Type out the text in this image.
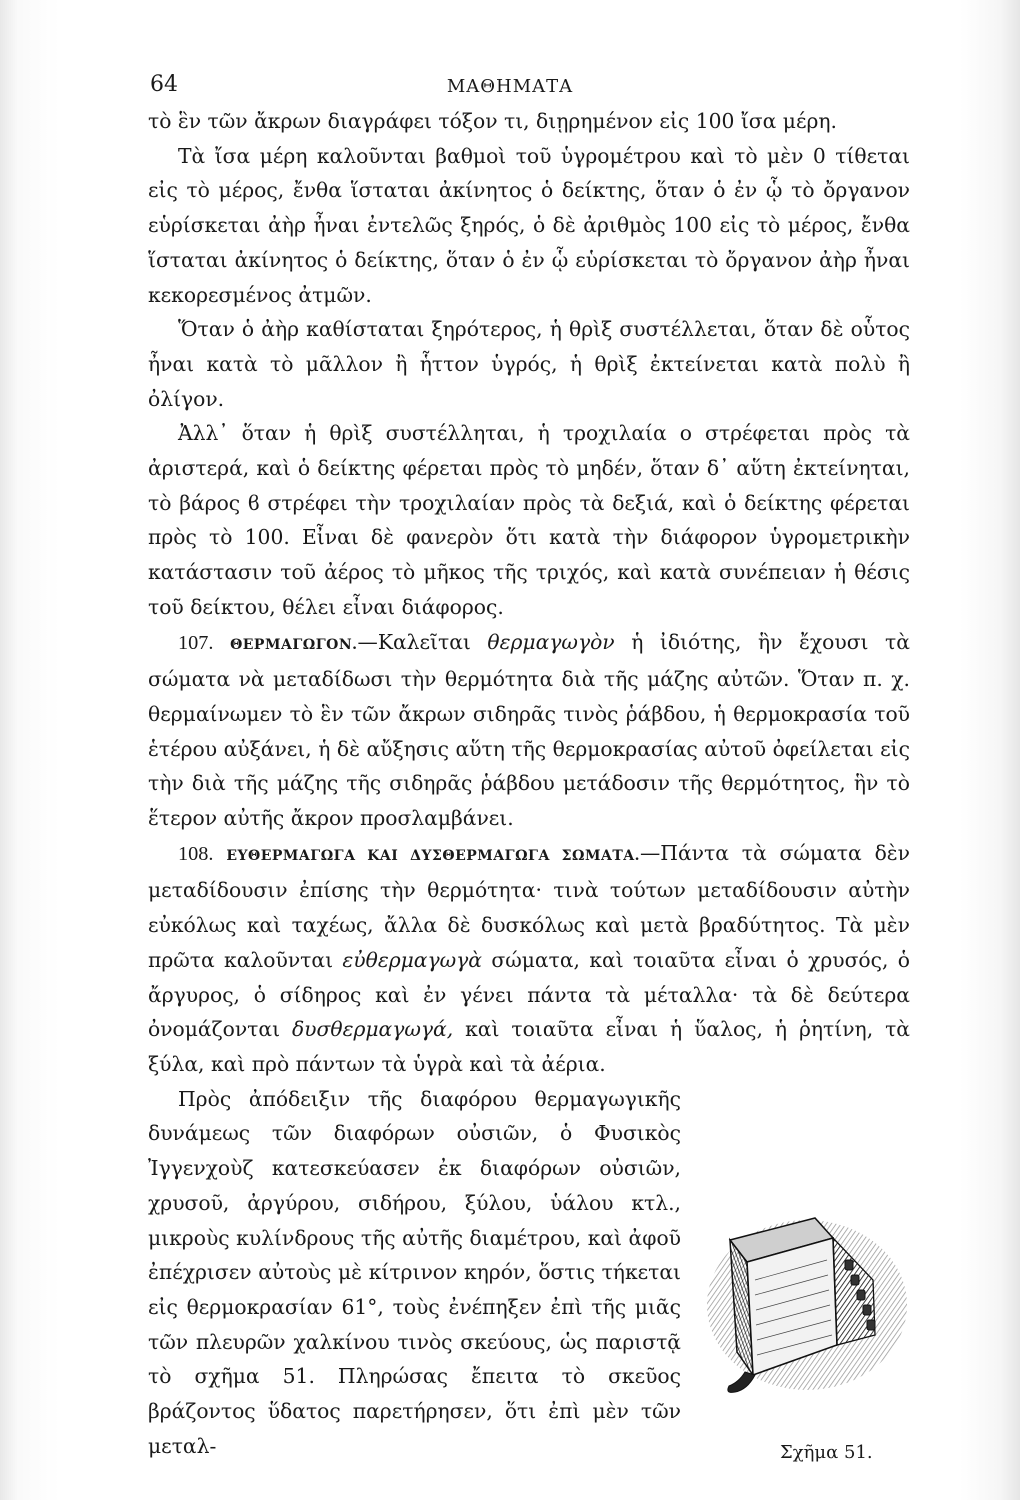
64	ΜΑΘΗΜΑΤΑ

τὸ ἓν τῶν ἄκρων διαγράφει τόξον τι, διῃρημένον εἰς 100 ἴσα μέρη.

Τὰ ἴσα μέρη καλοῦνται βαθμοὶ τοῦ ὑγρομέτρου καὶ τὸ μὲν 0 τίθεται εἰς τὸ μέρος, ἔνθα ἵσταται ἀκίνητος ὁ δείκτης, ὅταν ὁ ἐν ᾧ τὸ ὄργανον εὑρίσκεται ἀὴρ ἦναι ἐντελῶς ξηρός, ὁ δὲ ἀριθμὸς 100 εἰς τὸ μέρος, ἔνθα ἵσταται ἀκίνητος ὁ δείκτης, ὅταν ὁ ἐν ᾧ εὑρίσκεται τὸ ὄργανον ἀὴρ ἦναι κεκορεσμένος ἀτμῶν.

Ὅταν ὁ ἀὴρ καθίσταται ξηρότερος, ἡ θρὶξ συστέλλεται, ὅταν δὲ οὗτος ἦναι κατὰ τὸ μᾶλλον ἢ ἧττον ὑγρός, ἡ θρὶξ ἐκτείνεται κατὰ πολὺ ἢ ὀλίγον.

Ἀλλ᾽ ὅταν ἡ θρὶξ συστέλληται, ἡ τροχιλαία ο στρέφεται πρὸς τὰ ἀριστερά, καὶ ὁ δείκτης φέρεται πρὸς τὸ μηδέν, ὅταν δ᾽ αὕτη ἐκτείνηται, τὸ βάρος ϐ στρέφει τὴν τροχιλαίαν πρὸς τὰ δεξιά, καὶ ὁ δείκτης φέρεται πρὸς τὸ 100. Εἶναι δὲ φανερὸν ὅτι κατὰ τὴν διάφορον ὑγρομετρικὴν κατάστασιν τοῦ ἀέρος τὸ μῆκος τῆς τριχός, καὶ κατὰ συνέπειαν ἡ θέσις τοῦ δείκτου, θέλει εἶναι διάφορος.

107. ΘΕΡΜΑΓΩΓΟΝ.—Καλεῖται θερμαγωγὸν ἡ ἰδιότης, ἣν ἔχουσι τὰ σώματα νὰ μεταδίδωσι τὴν θερμότητα διὰ τῆς μάζης αὐτῶν. Ὅταν π. χ. θερμαίνωμεν τὸ ἓν τῶν ἄκρων σιδηρᾶς τινὸς ῥάβδου, ἡ θερμοκρασία τοῦ ἑτέρου αὐξάνει, ἡ δὲ αὔξησις αὕτη τῆς θερμοκρασίας αὐτοῦ ὀφείλεται εἰς τὴν διὰ τῆς μάζης τῆς σιδηρᾶς ῥάβδου μετάδοσιν τῆς θερμότητος, ἣν τὸ ἕτερον αὐτῆς ἄκρον προσλαμβάνει.

108. ΕΥΘΕΡΜΑΓΩΓΑ ΚΑΙ ΔΥΣΘΕΡΜΑΓΩΓΑ ΣΩΜΑΤΑ.—Πάντα τὰ σώματα δὲν μεταδίδουσιν ἐπίσης τὴν θερμότητα· τινὰ τούτων μεταδίδουσιν αὐτὴν εὐκόλως καὶ ταχέως, ἄλλα δὲ δυσκόλως καὶ μετὰ βραδύτητος. Τὰ μὲν πρῶτα καλοῦνται εὐθερμαγωγὰ σώματα, καὶ τοιαῦτα εἶναι ὁ χρυσός, ὁ ἄργυρος, ὁ σίδηρος καὶ ἐν γένει πάντα τὰ μέταλλα· τὰ δὲ δεύτερα ὀνομάζονται δυσθερμαγωγά, καὶ τοιαῦτα εἶναι ἡ ὕαλος, ἡ ῥητίνη, τὰ ξύλα, καὶ πρὸ πάντων τὰ ὑγρὰ καὶ τὰ ἀέρια.

Σχῆμα 51.
Πρὸς ἀπόδειξιν τῆς διαφόρου θερμαγωγικῆς δυνάμεως τῶν διαφόρων οὐσιῶν, ὁ Φυσικὸς Ἰγγενχοὺζ κατεσκεύασεν ἐκ διαφόρων οὐσιῶν, χρυσοῦ, ἀργύρου, σιδήρου, ξύλου, ὑάλου κτλ., μικροὺς κυλίνδρους τῆς αὐτῆς διαμέτρου, καὶ ἀφοῦ ἐπέχρισεν αὐτοὺς μὲ κίτρινον κηρόν, ὅστις τήκεται εἰς θερμοκρασίαν 61°, τοὺς ἐνέπηξεν ἐπὶ τῆς μιᾶς τῶν πλευρῶν χαλκίνου τινὸς σκεύους, ὡς παριστᾷ τὸ σχῆμα 51. Πληρώσας ἔπειτα τὸ σκεῦος βράζοντος ὕδατος παρετήρησεν, ὅτι ἐπὶ μὲν τῶν μεταλ-
